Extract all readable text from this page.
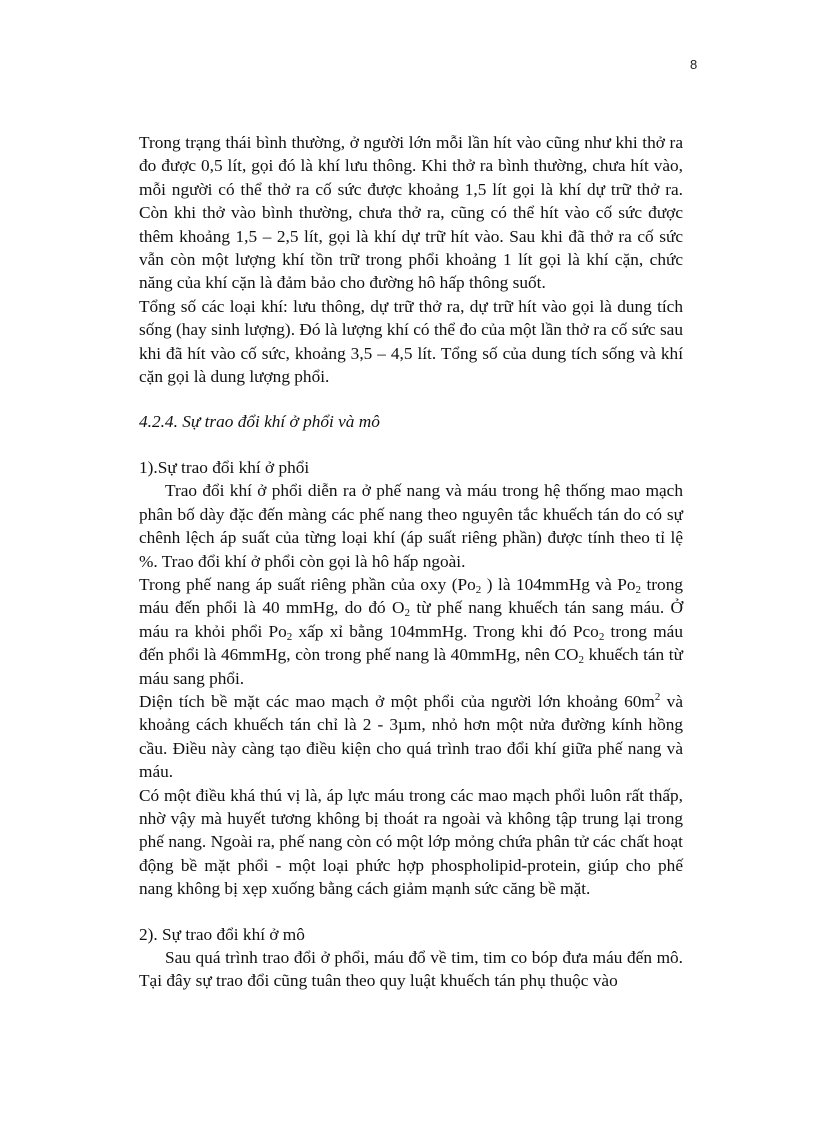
8

Trong trạng thái bình thường, ở người lớn mỗi lần hít vào cũng như khi thở ra đo được 0,5 lít, gọi đó là khí lưu thông. Khi thở ra bình thường, chưa hít vào, mỗi người có thể thở ra cố sức được khoảng 1,5 lít gọi là khí dự trữ thở ra. Còn khi thở vào bình thường, chưa thở ra, cũng có thể hít vào cố sức được thêm khoảng 1,5 – 2,5 lít, gọi là khí dự trữ hít vào. Sau khi đã thở ra cố sức vẫn còn một lượng khí tồn trữ trong phổi khoảng 1 lít gọi là khí cặn, chức năng của khí cặn là đảm bảo cho đường hô hấp thông suốt.

Tổng số các loại khí: lưu thông, dự trữ thở ra, dự trữ hít vào gọi là dung tích sống (hay sinh lượng). Đó là lượng khí có thể đo của một lần thở ra cố sức sau khi đã hít vào cố sức, khoảng 3,5 – 4,5 lít. Tổng số của dung tích sống và khí cặn gọi là dung lượng phổi.

4.2.4. Sự trao đổi khí ở phổi và mô

1).Sự trao đổi khí ở phổi

Trao đổi khí ở phổi diễn ra ở phế nang và máu trong hệ thống mao mạch phân bố dày đặc đến màng các phế nang theo nguyên tắc khuếch tán do có sự chênh lệch áp suất của từng loại khí (áp suất riêng phần) được tính theo tỉ lệ %. Trao đổi khí ở phổi còn gọi là hô hấp ngoài.

Trong phế nang áp suất riêng phần của oxy ($Po_2$ ) là 104mmHg và $Po_2$ trong máu đến phổi là 40 mmHg, do đó $O_2$ từ phế nang khuếch tán sang máu. Ở máu ra khỏi phổi $Po_2$ xấp xỉ bằng 104mmHg. Trong khi đó Pco$_2$ trong máu đến phổi là 46mmHg, còn trong phế nang là 40mmHg, nên $CO_2$ khuếch tán từ máu sang phổi.

Diện tích bề mặt các mao mạch ở một phổi của người lớn khoảng $60m^2$ và khoảng cách khuếch tán chỉ là 2 - 3µm, nhỏ hơn một nửa đường kính hồng cầu. Điều này càng tạo điều kiện cho quá trình trao đổi khí giữa phế nang và máu.

Có một điều khá thú vị là, áp lực máu trong các mao mạch phổi luôn rất thấp, nhờ vậy mà huyết tương không bị thoát ra ngoài và không tập trung lại trong phế nang. Ngoài ra, phế nang còn có một lớp mỏng chứa phân tử các chất hoạt động bề mặt phổi - một loại phức hợp phospholipid-protein, giúp cho phế nang không bị xẹp xuống bằng cách giảm mạnh sức căng bề mặt.

2). Sự trao đổi khí ở mô

Sau quá trình trao đổi ở phổi, máu đổ về tim, tim co bóp đưa máu đến mô. Tại đây sự trao đổi cũng tuân theo quy luật khuếch tán phụ thuộc vào
